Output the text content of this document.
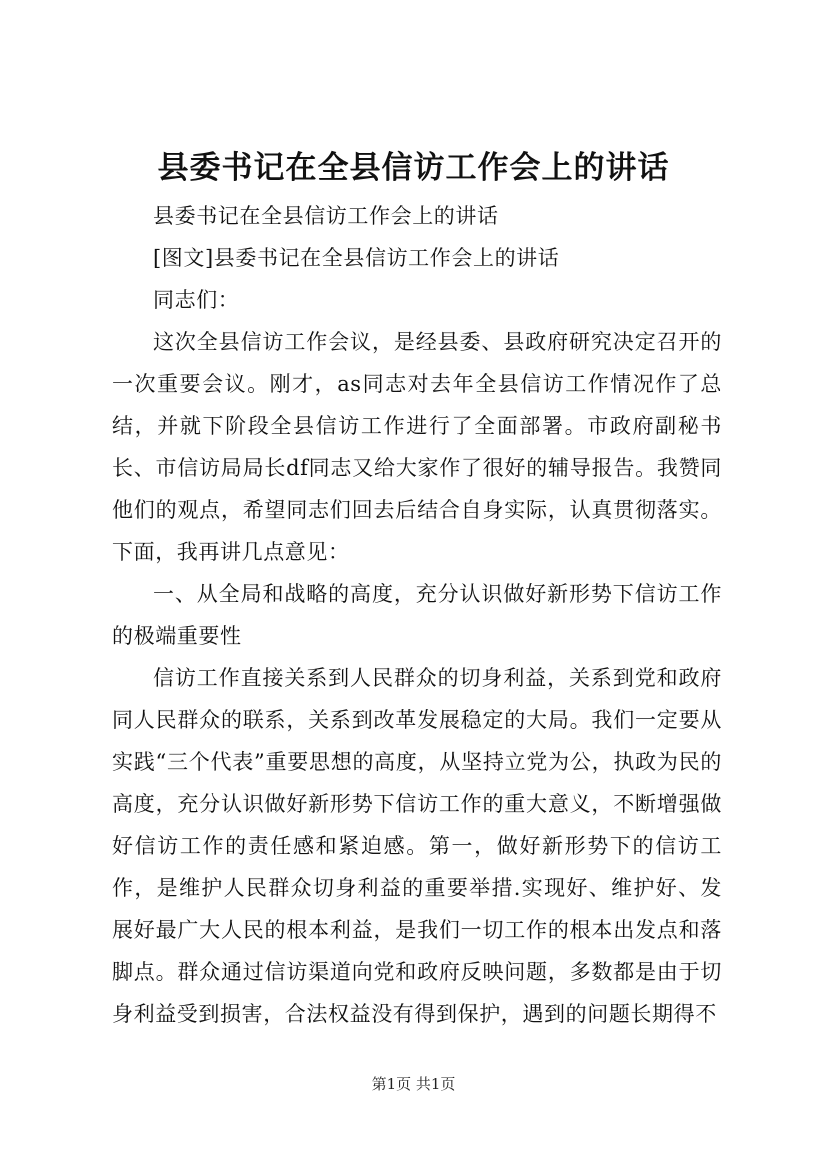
县委书记在全县信访工作会上的讲话

县委书记在全县信访工作会上的讲话

[图文]县委书记在全县信访工作会上的讲话

同志们：

这次全县信访工作会议，是经县委、县政府研究决定召开的一次重要会议。刚才，as同志对去年全县信访工作情况作了总结，并就下阶段全县信访工作进行了全面部署。市政府副秘书长、市信访局局长df同志又给大家作了很好的辅导报告。我赞同他们的观点，希望同志们回去后结合自身实际，认真贯彻落实。下面，我再讲几点意见：

一、从全局和战略的高度，充分认识做好新形势下信访工作的极端重要性

信访工作直接关系到人民群众的切身利益，关系到党和政府同人民群众的联系，关系到改革发展稳定的大局。我们一定要从实践“三个代表”重要思想的高度，从坚持立党为公，执政为民的高度，充分认识做好新形势下信访工作的重大意义，不断增强做好信访工作的责任感和紧迫感。第一，做好新形势下的信访工作，是维护人民群众切身利益的重要举措.实现好、维护好、发展好最广大人民的根本利益，是我们一切工作的根本出发点和落脚点。群众通过信访渠道向党和政府反映问题，多数都是由于切身利益受到损害，合法权益没有得到保护，遇到的问题长期得不

第1页 共1页
